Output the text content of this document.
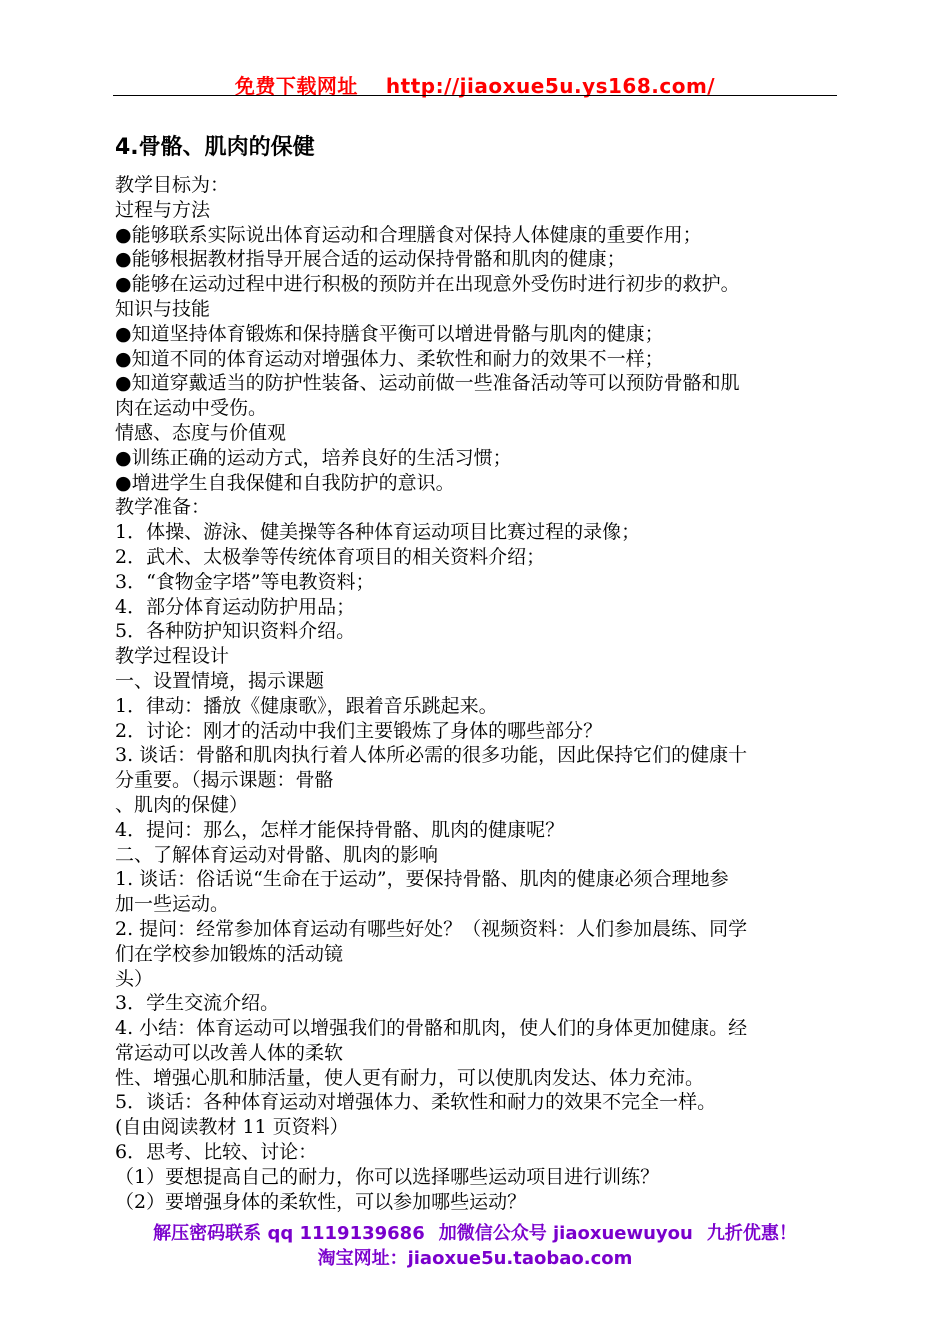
免费下载网址 http://jiaoxue5u.ys168.com/
4.骨骼、肌肉的保健
教学目标为：
过程与方法
●能够联系实际说出体育运动和合理膳食对保持人体健康的重要作用；
●能够根据教材指导开展合适的运动保持骨骼和肌肉的健康；
●能够在运动过程中进行积极的预防并在出现意外受伤时进行初步的救护。
知识与技能
●知道坚持体育锻炼和保持膳食平衡可以增进骨骼与肌肉的健康；
●知道不同的体育运动对增强体力、柔软性和耐力的效果不一样；
●知道穿戴适当的防护性装备、运动前做一些准备活动等可以预防骨骼和肌
肉在运动中受伤。
情感、态度与价值观
●训练正确的运动方式，培养良好的生活习惯；
●增进学生自我保健和自我防护的意识。
教学准备：
1．体操、游泳、健美操等各种体育运动项目比赛过程的录像；
2．武术、太极拳等传统体育项目的相关资料介绍；
3．“食物金字塔”等电教资料；
4．部分体育运动防护用品；
5．各种防护知识资料介绍。
教学过程设计
一、设置情境，揭示课题
1．律动：播放《健康歌》，跟着音乐跳起来。
2．讨论：刚才的活动中我们主要锻炼了身体的哪些部分？
3. 谈话：骨骼和肌肉执行着人体所必需的很多功能，因此保持它们的健康十
分重要。（揭示课题：骨骼
、肌肉的保健）
4．提问：那么，怎样才能保持骨骼、肌肉的健康呢？
二、了解体育运动对骨骼、肌肉的影响
1. 谈话：俗话说“生命在于运动”，要保持骨骼、肌肉的健康必须合理地参
加一些运动。
2. 提问：经常参加体育运动有哪些好处？（视频资料：人们参加晨练、同学
们在学校参加锻炼的活动镜
头）
3．学生交流介绍。
4. 小结：体育运动可以增强我们的骨骼和肌肉，使人们的身体更加健康。经
常运动可以改善人体的柔软
性、增强心肌和肺活量，使人更有耐力，可以使肌肉发达、体力充沛。
5．谈话：各种体育运动对增强体力、柔软性和耐力的效果不完全一样。
(自由阅读教材 11 页资料）
6．思考、比较、讨论：
（1）要想提高自己的耐力，你可以选择哪些运动项目进行训练？
（2）要增强身体的柔软性，可以参加哪些运动？
解压密码联系 qq 1119139686 加微信公众号 jiaoxuewuyou 九折优惠！
淘宝网址：jiaoxue5u.taobao.com
